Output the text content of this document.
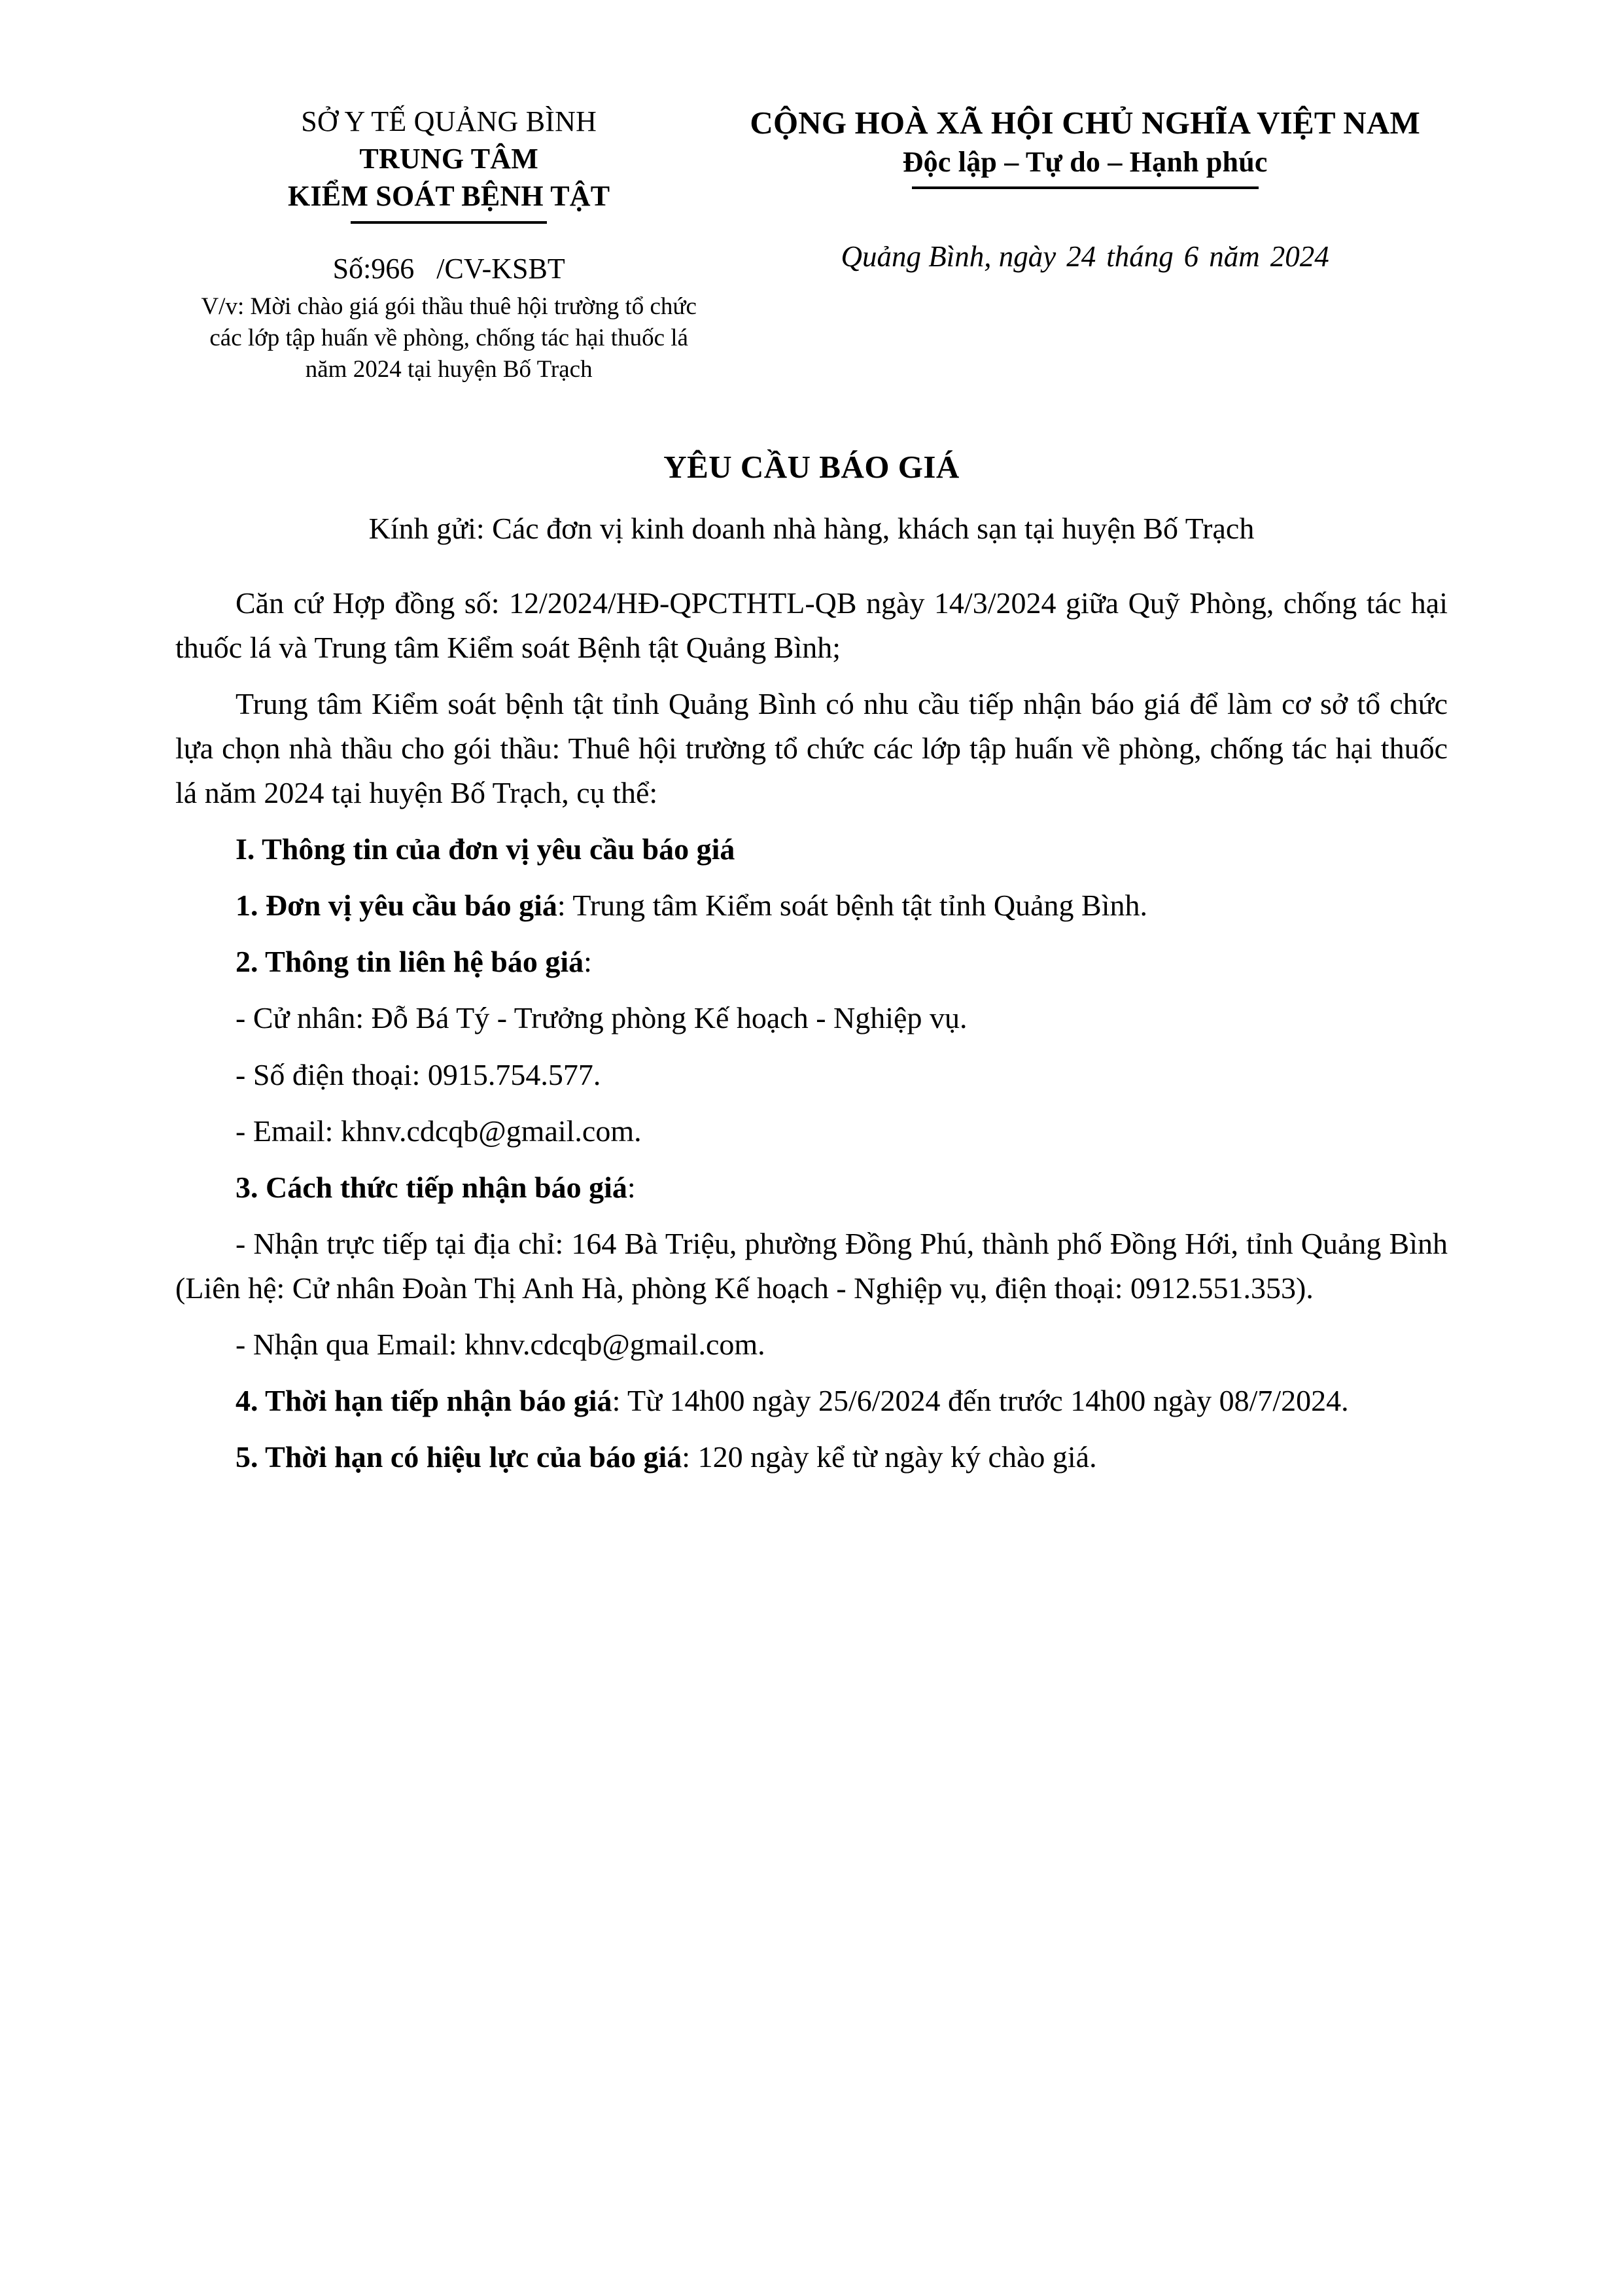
SỞ Y TẾ QUẢNG BÌNH
TRUNG TÂM
KIỂM SOÁT BỆNH TẬT
Số:966 /CV-KSBT
V/v: Mời chào giá gói thầu thuê hội trường tổ chức các lớp tập huấn về phòng, chống tác hại thuốc lá năm 2024 tại huyện Bố Trạch
CỘNG HOÀ XÃ HỘI CHỦ NGHĨA VIỆT NAM
Độc lập – Tự do – Hạnh phúc
Quảng Bình, ngày 24 tháng 6 năm 2024
YÊU CẦU BÁO GIÁ
Kính gửi: Các đơn vị kinh doanh nhà hàng, khách sạn tại huyện Bố Trạch

Căn cứ Hợp đồng số: 12/2024/HĐ-QPCTHTL-QB ngày 14/3/2024 giữa Quỹ Phòng, chống tác hại thuốc lá và Trung tâm Kiểm soát Bệnh tật Quảng Bình;

Trung tâm Kiểm soát bệnh tật tỉnh Quảng Bình có nhu cầu tiếp nhận báo giá để làm cơ sở tổ chức lựa chọn nhà thầu cho gói thầu: Thuê hội trường tổ chức các lớp tập huấn về phòng, chống tác hại thuốc lá năm 2024 tại huyện Bố Trạch, cụ thể:

I. Thông tin của đơn vị yêu cầu báo giá

1. Đơn vị yêu cầu báo giá: Trung tâm Kiểm soát bệnh tật tỉnh Quảng Bình.

2. Thông tin liên hệ báo giá:

- Cử nhân: Đỗ Bá Tý - Trưởng phòng Kế hoạch - Nghiệp vụ.

- Số điện thoại: 0915.754.577.

- Email: khnv.cdcqb@gmail.com.

3. Cách thức tiếp nhận báo giá:

- Nhận trực tiếp tại địa chỉ: 164 Bà Triệu, phường Đồng Phú, thành phố Đồng Hới, tỉnh Quảng Bình (Liên hệ: Cử nhân Đoàn Thị Anh Hà, phòng Kế hoạch - Nghiệp vụ, điện thoại: 0912.551.353).

- Nhận qua Email: khnv.cdcqb@gmail.com.

4. Thời hạn tiếp nhận báo giá: Từ 14h00 ngày 25/6/2024 đến trước 14h00 ngày 08/7/2024.

5. Thời hạn có hiệu lực của báo giá: 120 ngày kể từ ngày ký chào giá.
